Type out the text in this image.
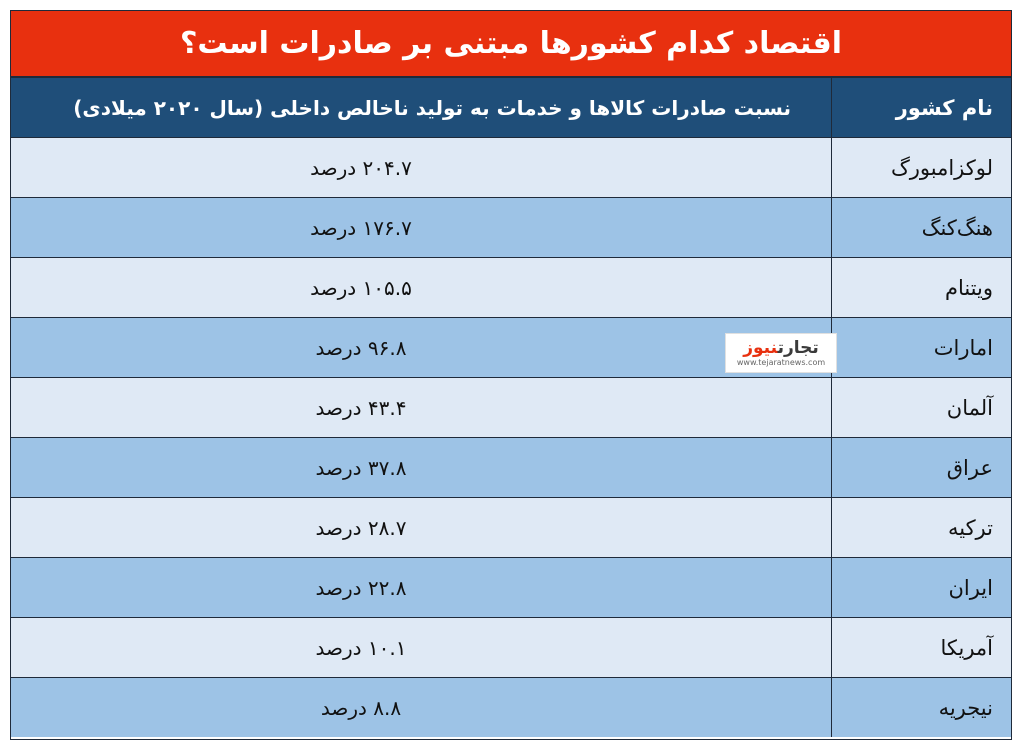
اقتصاد کدام کشورها مبتنی بر صادرات است؟
نام کشور
نسبت صادرات کالاها و خدمات به تولید ناخالص داخلی (سال ۲۰۲۰ میلادی)
لوکزامبورگ
۲۰۴.۷ درصد
هنگ‌کنگ
۱۷۶.۷ درصد
ویتنام
۱۰۵.۵ درصد
امارات
۹۶.۸ درصد
آلمان
۴۳.۴ درصد
عراق
۳۷.۸ درصد
ترکیه
۲۸.۷ درصد
ایران
۲۲.۸ درصد
آمریکا
۱۰.۱ درصد
نیجریه
۸.۸ درصد
تجارتنیوز
www.tejaratnews.com
